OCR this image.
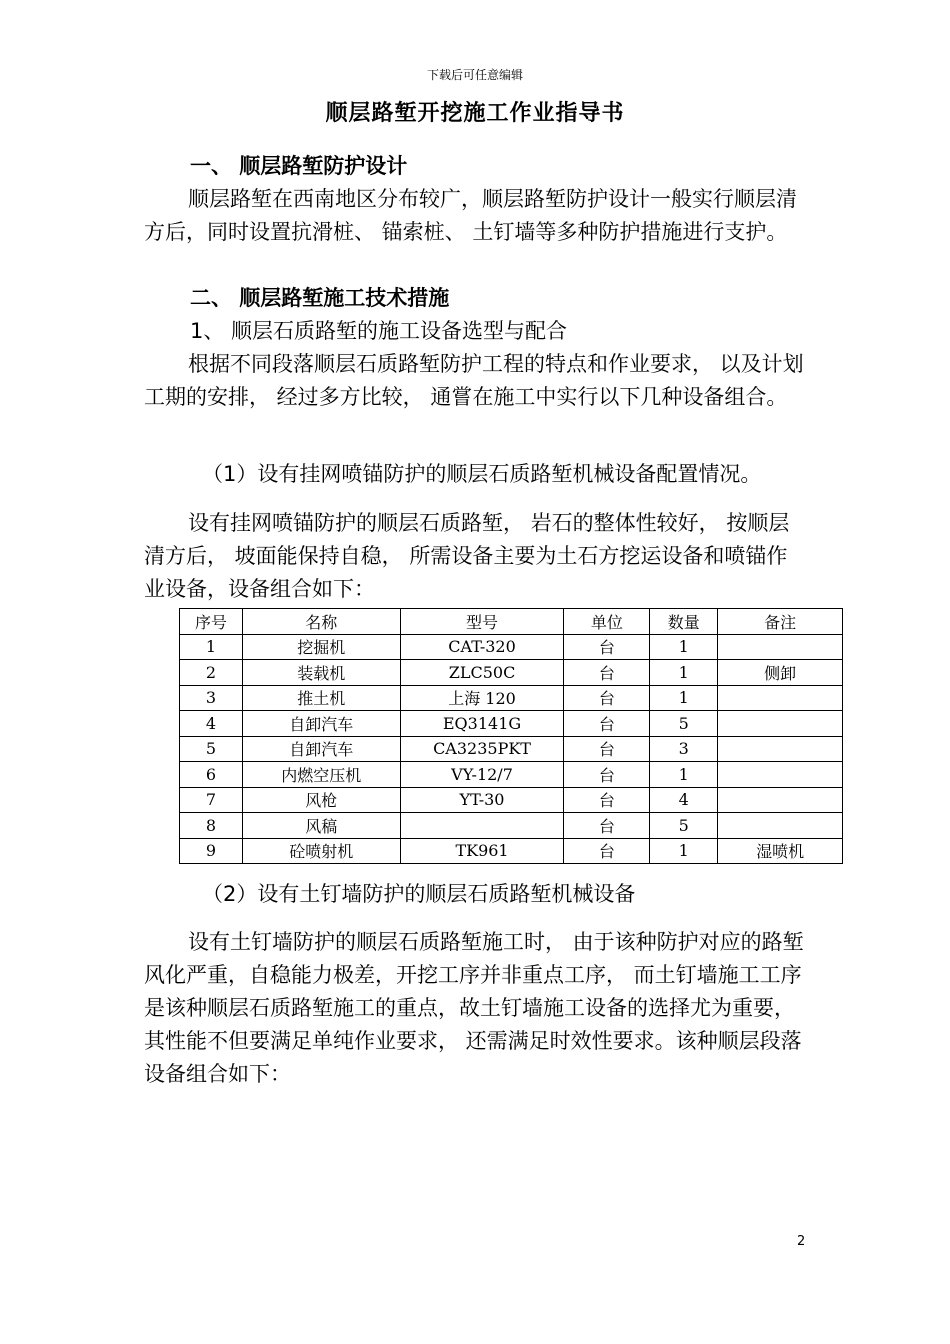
下载后可任意编辑
顺层路堑开挖施工作业指导书
一、 顺层路堑防护设计
顺层路堑在西南地区分布较广，顺层路堑防护设计一般实行顺层清方后，同时设置抗滑桩、 锚索桩、 土钉墙等多种防护措施进行支护。
二、 顺层路堑施工技术措施
1、 顺层石质路堑的施工设备选型与配合
根据不同段落顺层石质路堑防护工程的特点和作业要求， 以及计划工期的安排， 经过多方比较， 通嘗在施工中实行以下几种设备组合。
（1）设有挂网喷锚防护的顺层石质路堑机械设备配置情况。
设有挂网喷锚防护的顺层石质路堑， 岩石的整体性较好， 按顺层清方后， 坡面能保持自稳， 所需设备主要为土石方挖运设备和喷锚作业设备，设备组合如下：
序号	名称	型号	单位	数量	备注
1	挖掘机	CAT-320	台	1	
2	装载机	ZLC50C	台	1	侧卸
3	推土机	上海 120	台	1	
4	自卸汽车	EQ3141G	台	5	
5	自卸汽车	CA3235PKT	台	3	
6	内燃空压机	VY-12/7	台	1	
7	风枪	YT-30	台	4	
8	风稿		台	5	
9	砼喷射机	TK961	台	1	湿喷机
（2）设有土钉墙防护的顺层石质路堑机械设备
设有土钉墙防护的顺层石质路堑施工时， 由于该种防护对应的路堑风化严重，自稳能力极差，开挖工序并非重点工序， 而土钉墙施工工序是该种顺层石质路堑施工的重点，故土钉墙施工设备的选择尤为重要， 其性能不但要满足单纯作业要求， 还需满足时效性要求。该种顺层段落设备组合如下：
2
